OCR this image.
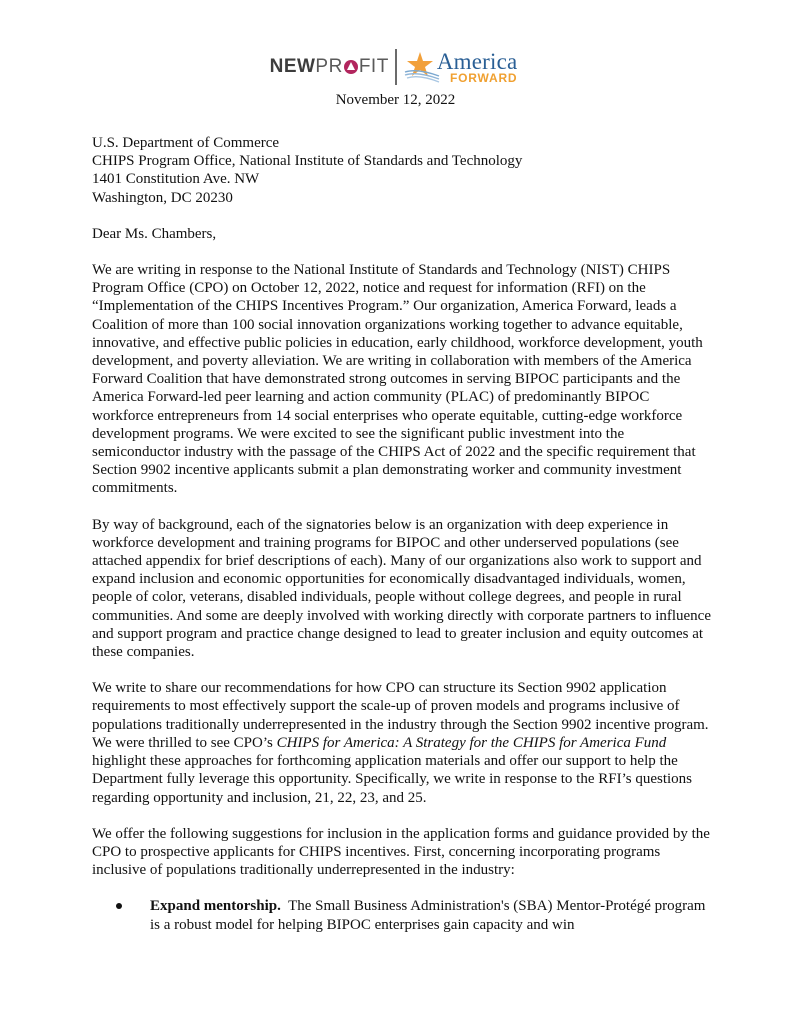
NEW PR FIT America
FORWARD
November 12, 2022

U.S. Department of Commerce

CHIPS Program Office, National Institute of Standards and Technology

1401 Constitution Ave. NW

Washington, DC 20230

Dear Ms. Chambers,

We are writing in response to the National Institute of Standards and Technology (NIST) CHIPS Program Office (CPO) on October 12, 2022, notice and request for information (RFI) on the “Implementation of the CHIPS Incentives Program.” Our organization, America Forward, leads a Coalition of more than 100 social innovation organizations working together to advance equitable, innovative, and effective public policies in education, early childhood, workforce development, youth development, and poverty alleviation. We are writing in collaboration with members of the America Forward Coalition that have demonstrated strong outcomes in serving BIPOC participants and the America Forward-led peer learning and action community (PLAC) of predominantly BIPOC workforce entrepreneurs from 14 social enterprises who operate equitable, cutting-edge workforce development programs. We were excited to see the significant public investment into the semiconductor industry with the passage of the CHIPS Act of 2022 and the specific requirement that Section 9902 incentive applicants submit a plan demonstrating worker and community investment commitments.

By way of background, each of the signatories below is an organization with deep experience in workforce development and training programs for BIPOC and other underserved populations (see attached appendix for brief descriptions of each). Many of our organizations also work to support and expand inclusion and economic opportunities for economically disadvantaged individuals, women, people of color, veterans, disabled individuals, people without college degrees, and people in rural communities. And some are deeply involved with working directly with corporate partners to influence and support program and practice change designed to lead to greater inclusion and equity outcomes at these companies.

We write to share our recommendations for how CPO can structure its Section 9902 application requirements to most effectively support the scale-up of proven models and programs inclusive of populations traditionally underrepresented in the industry through the Section 9902 incentive program. We were thrilled to see CPO’s CHIPS for America: A Strategy for the CHIPS for America Fund highlight these approaches for forthcoming application materials and offer our support to help the Department fully leverage this opportunity. Specifically, we write in response to the RFI’s questions regarding opportunity and inclusion, 21, 22, 23, and 25.

We offer the following suggestions for inclusion in the application forms and guidance provided by the CPO to prospective applicants for CHIPS incentives. First, concerning incorporating programs inclusive of populations traditionally underrepresented in the industry:

Expand mentorship.  The Small Business Administration's (SBA) Mentor-Protégé program is a robust model for helping BIPOC enterprises gain capacity and win
